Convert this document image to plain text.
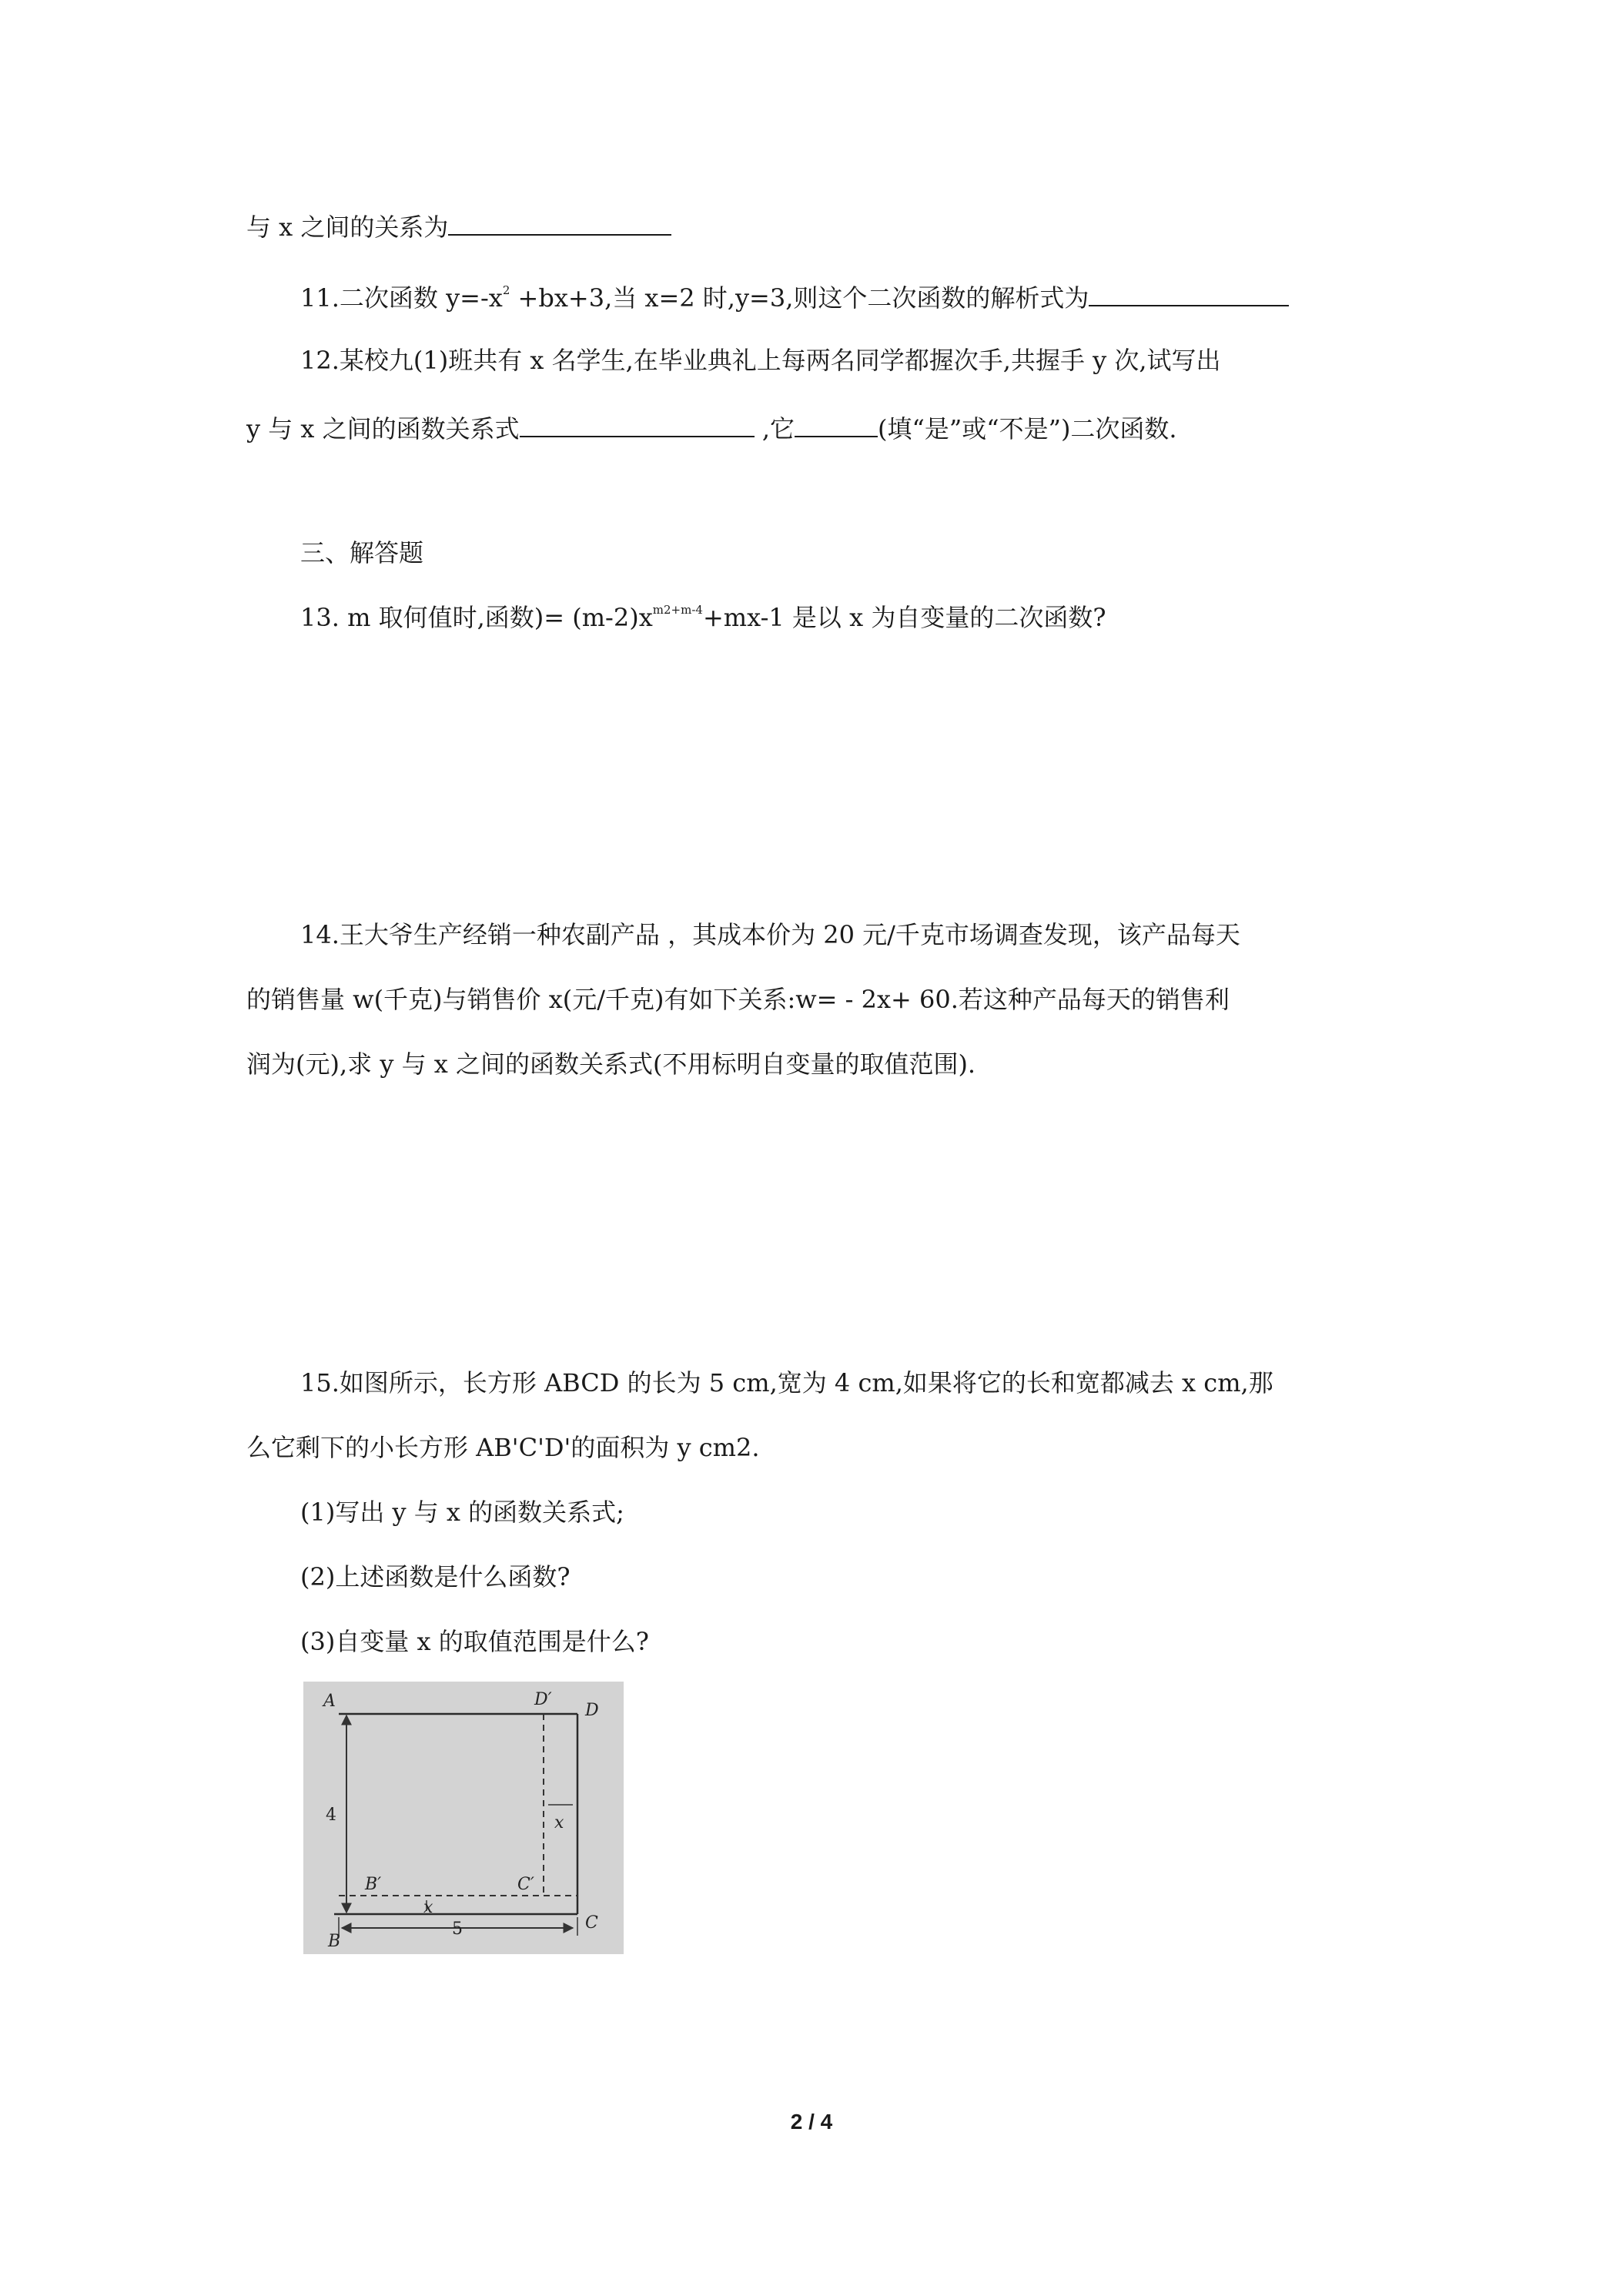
与 x 之间的关系为
11.二次函数 $y=-x^2 +bx+3$,当 x=2 时,y=3,则这个二次函数的解析式为
12.某校九(1)班共有 x 名学生,在毕业典礼上每两名同学都握次手,共握手 y 次,试写出
y 与 x 之间的函数关系式	,它	(填“是”或“不是”)二次函数.
三、解答题
13. m 取何值时,函数)= $(m-2)x^{m2+m-4}+mx-1$ 是以 x 为自变量的二次函数?
14.王大爷生产经销一种农副产品 ，其成本价为 20 元/千克市场调查发现，该产品每天
的销售量 w(千克)与销售价 x(元/千克)有如下关系:w= - 2x+ 60.若这种产品每天的销售利
润为(元),求 y 与 x 之间的函数关系式(不用标明自变量的取值范围).
15.如图所示，长方形 ABCD 的长为 5 cm,宽为 4 cm,如果将它的长和宽都减去 x cm,那
么它剩下的小长方形 AB'C'D'的面积为 y cm2.
(1)写出 y 与 x 的函数关系式;
(2)上述函数是什么函数?
(3)自变量 x 的取值范围是什么?
A	D′
D
x
B′	C′
x
B
C
4
5
2 / 4
